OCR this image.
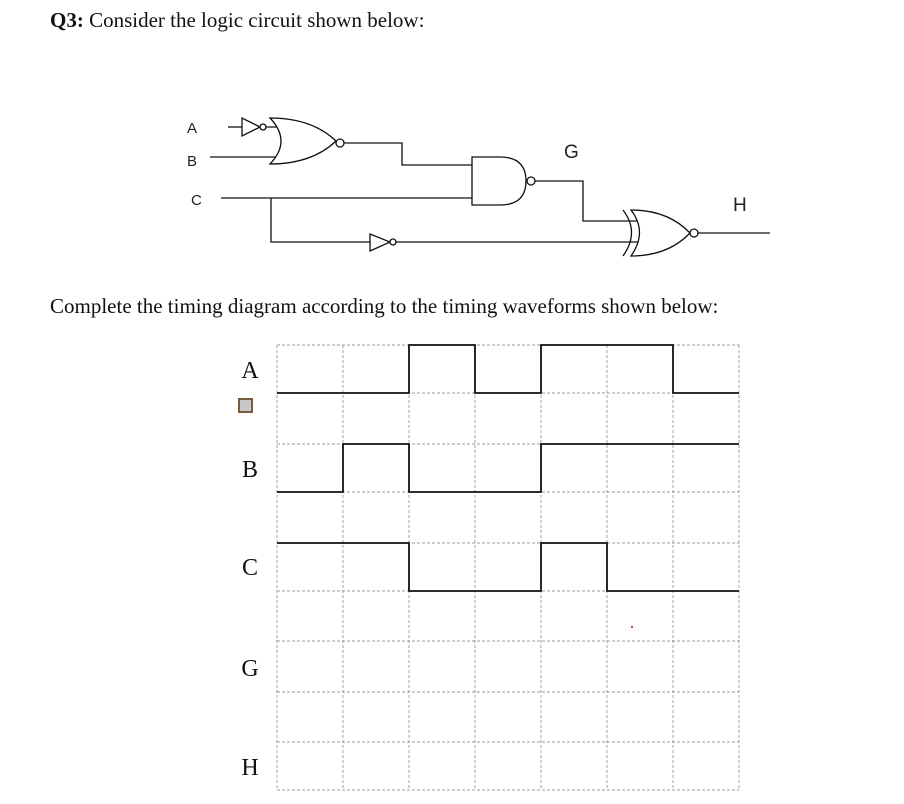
Q3: Consider the logic circuit shown below:
A
B
C
G
H
Complete the timing diagram according to the timing waveforms shown below:
A
B
C
G
H
